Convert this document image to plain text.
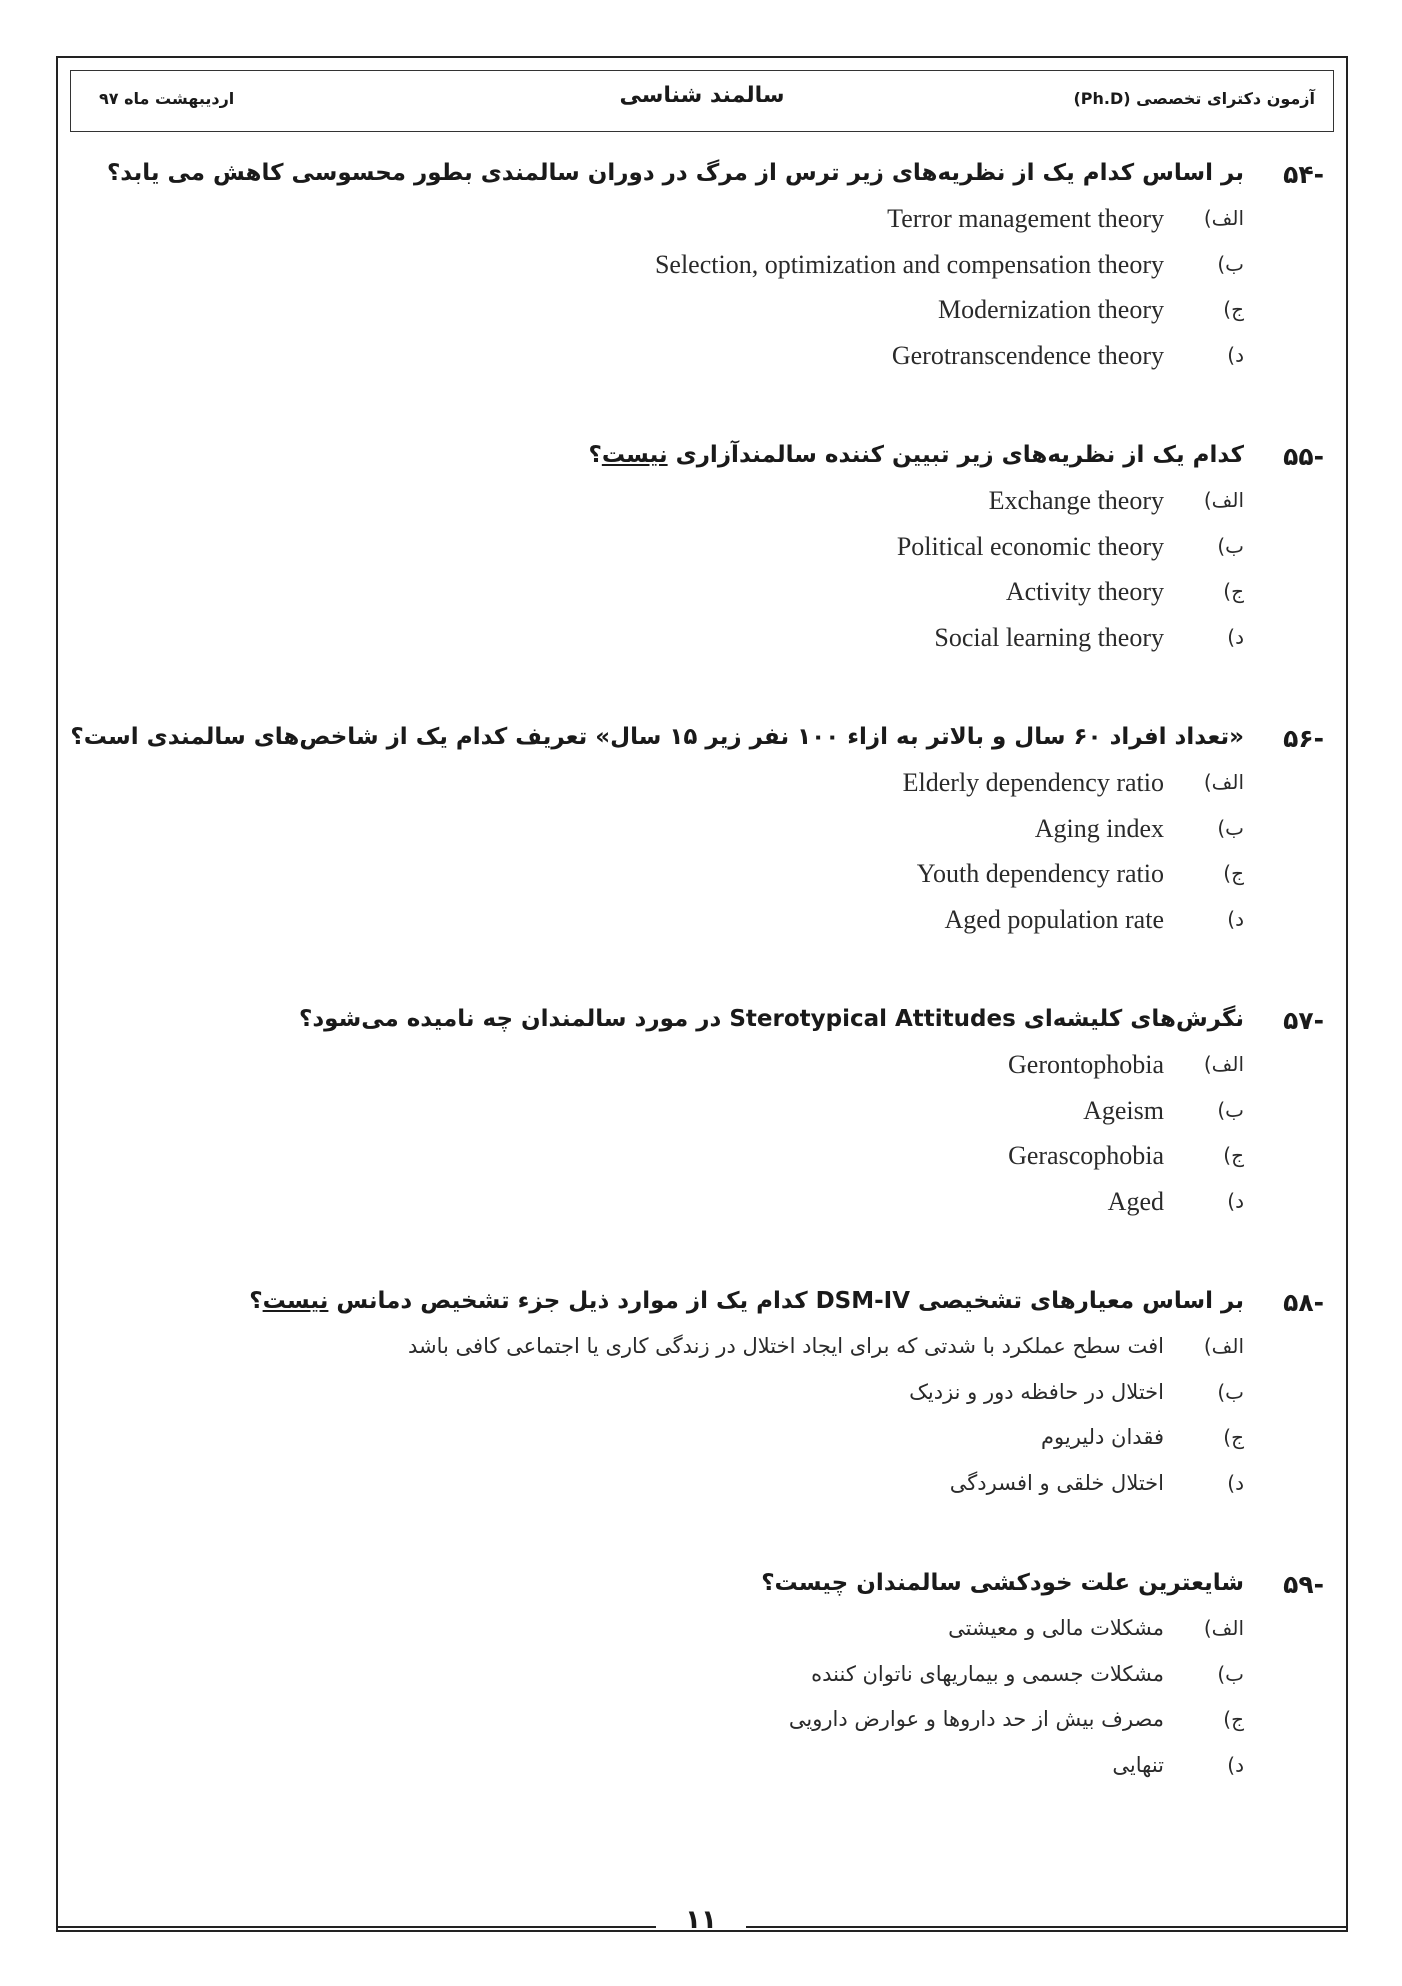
آزمون دکترای تخصصی (Ph.D)
سالمند شناسی
اردیبهشت ماه ۹۷
-۵۴
بر اساس کدام یک از نظریه‌های زیر ترس از مرگ در دوران سالمندی بطور محسوسی کاهش می یابد؟
الف)
Terror management theory
ب)
Selection, optimization and compensation theory
ج)
Modernization theory
د)
Gerotranscendence theory
-۵۵
کدام یک از نظریه‌های زیر تبیین کننده سالمندآزاری نیست؟
الف)
Exchange theory
ب)
Political economic theory
ج)
Activity theory
د)
Social learning theory
-۵۶
«تعداد افراد ۶۰ سال و بالاتر به ازاء ۱۰۰ نفر زیر ۱۵ سال» تعریف کدام یک از شاخص‌های سالمندی است؟
الف)
Elderly dependency ratio
ب)
Aging index
ج)
Youth dependency ratio
د)
Aged population rate
-۵۷
نگرش‌های کلیشه‌ای Sterotypical Attitudes در مورد سالمندان چه نامیده می‌شود؟
الف)
Gerontophobia
ب)
Ageism
ج)
Gerascophobia
د)
Aged
-۵۸
بر اساس معیارهای تشخیصی DSM-IV کدام یک از موارد ذیل جزء تشخیص دمانس نیست؟
الف)
افت سطح عملکرد با شدتی که برای ایجاد اختلال در زندگی کاری یا اجتماعی کافی باشد
ب)
اختلال در حافظه دور و نزدیک
ج)
فقدان دلیریوم
د)
اختلال خلقی و افسردگی
-۵۹
شایعترین علت خودکشی سالمندان چیست؟
الف)
مشکلات مالی و معیشتی
ب)
مشکلات جسمی و بیماریهای ناتوان کننده
ج)
مصرف بیش از حد داروها و عوارض دارویی
د)
تنهایی
۱۱
